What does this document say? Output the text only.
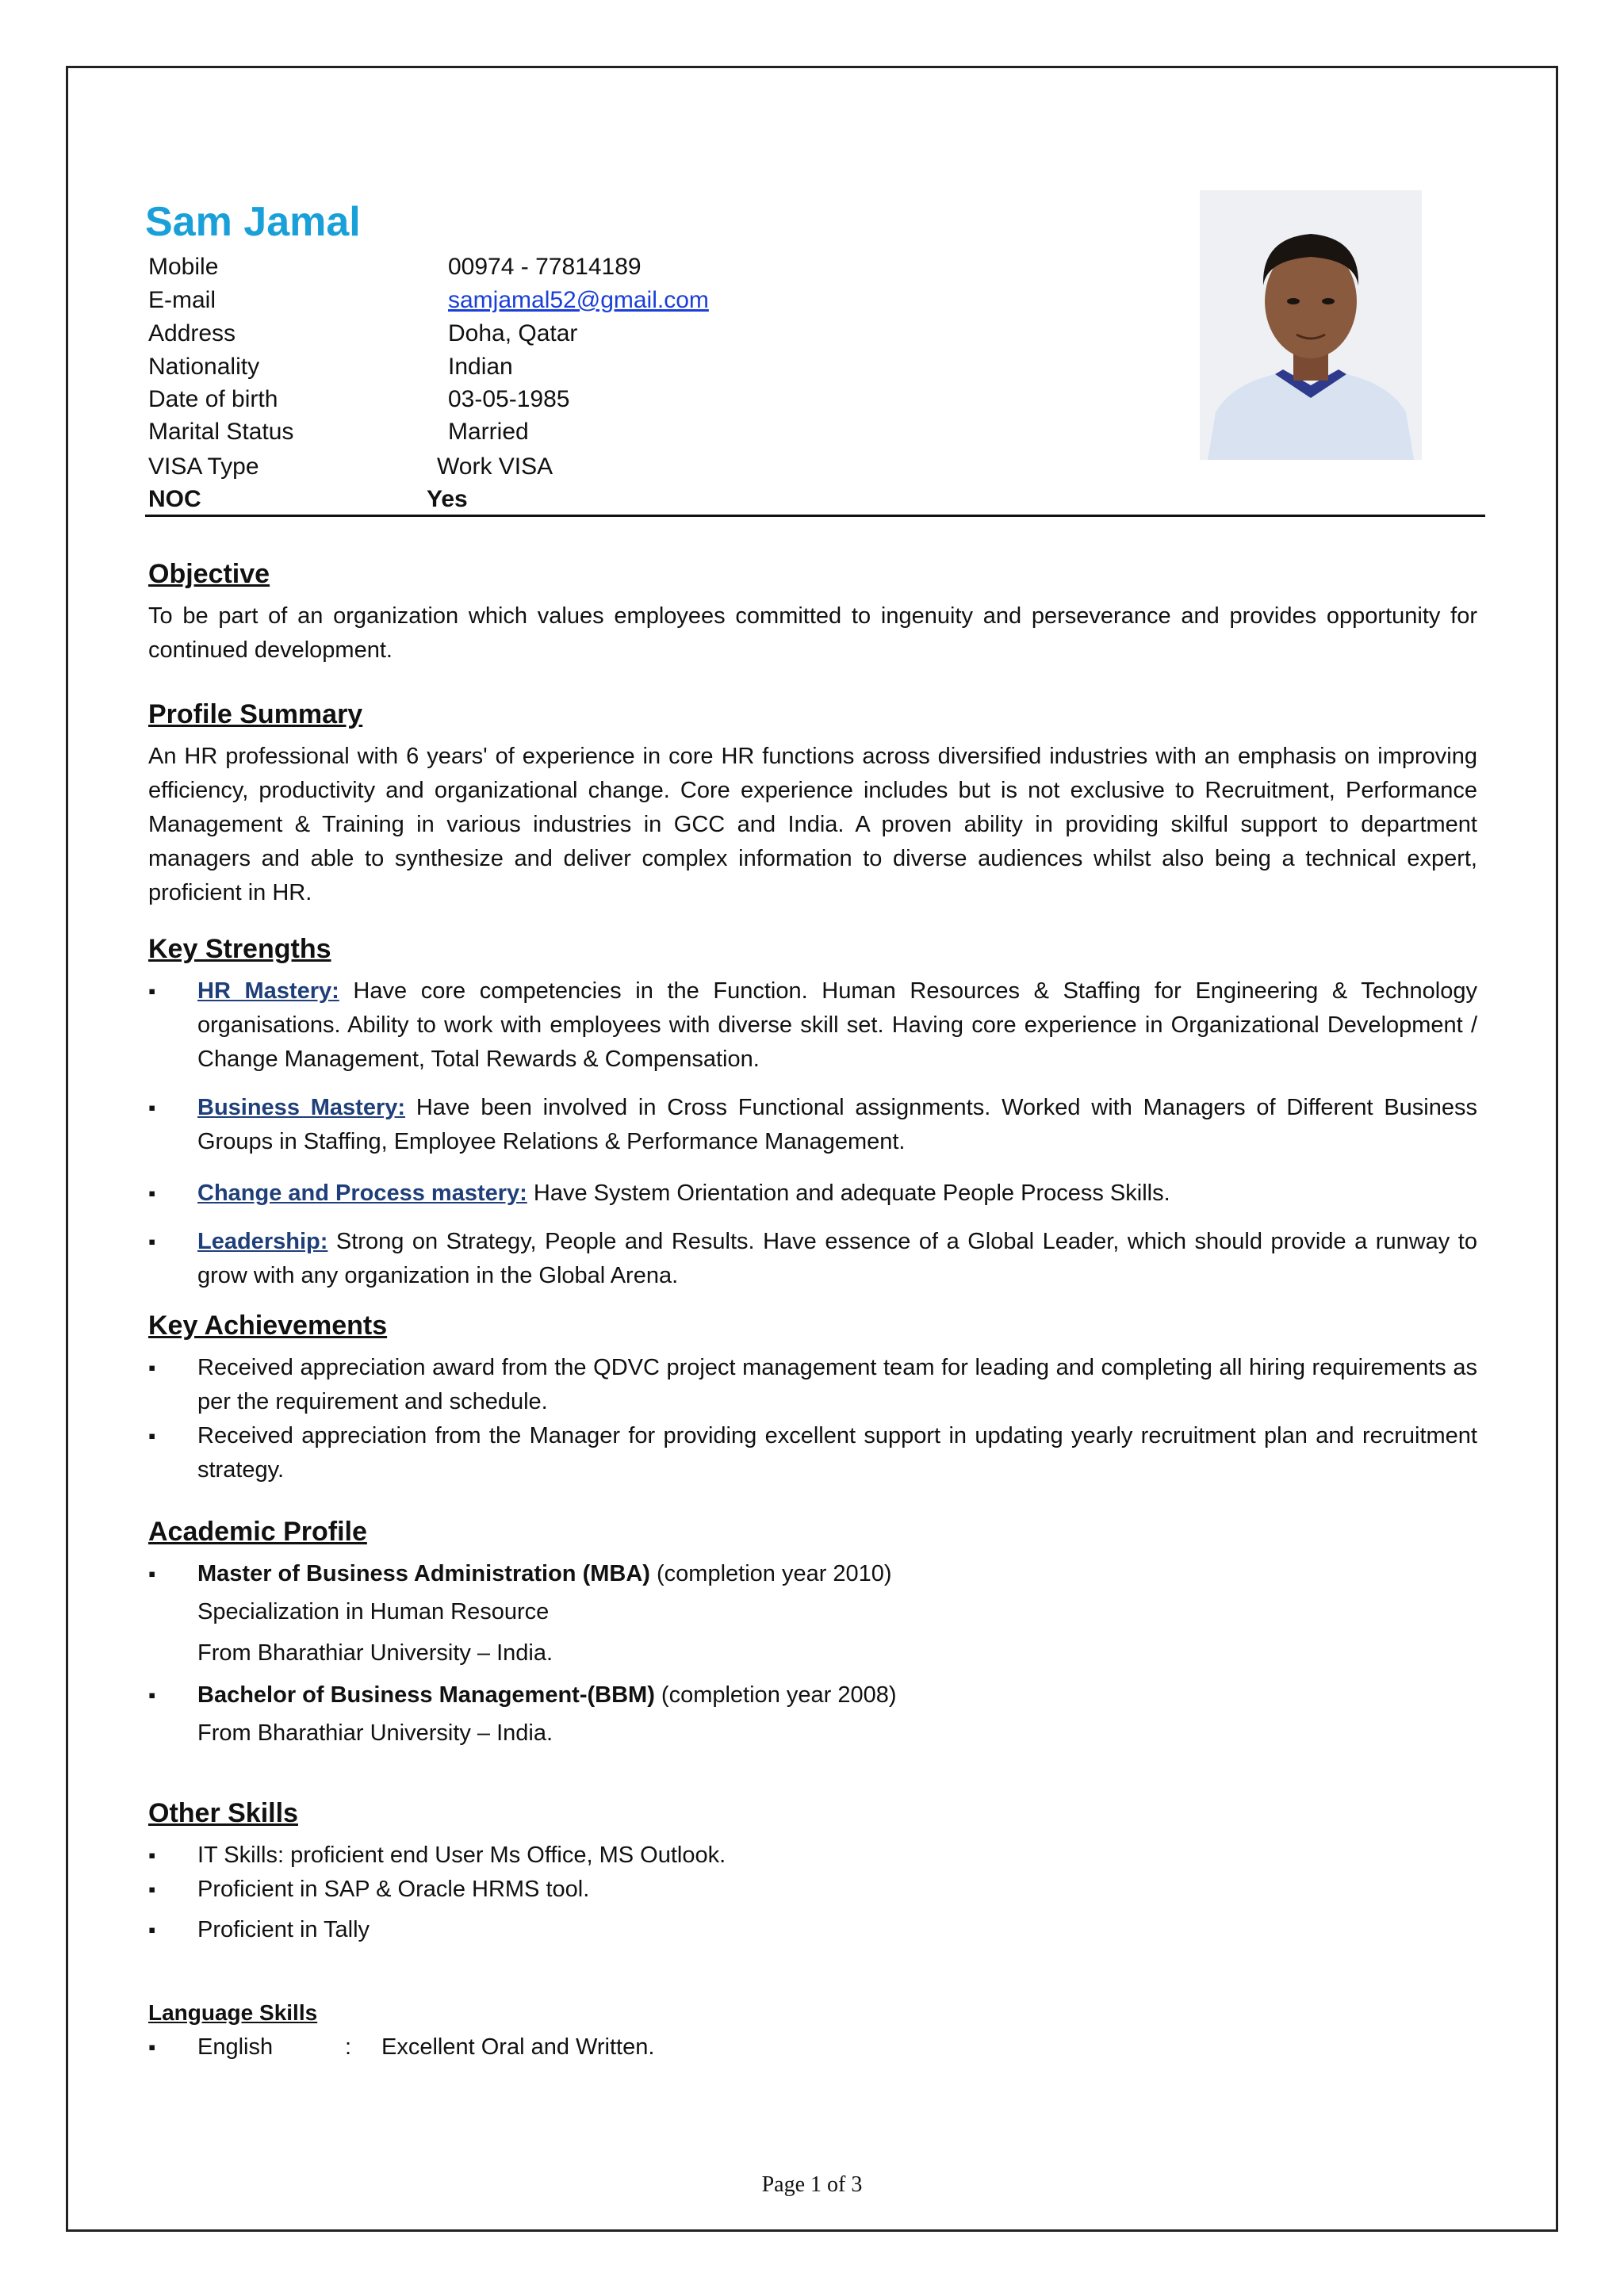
Sam Jamal
Mobile	00974 - 77814189
E-mail	samjamal52@gmail.com
Address	Doha, Qatar
Nationality	Indian
Date of birth	03-05-1985
Marital Status	Married
VISA Type	Work VISA
NOC	Yes
Objective

To be part of an organization which values employees committed to ingenuity and perseverance and provides opportunity for continued development.

Profile Summary

An HR professional with 6 years' of experience in core HR functions across diversified industries with an emphasis on improving efficiency, productivity and organizational change. Core experience includes but is not exclusive to Recruitment, Performance Management & Training in various industries in GCC and India. A proven ability in providing skilful support to department managers and able to synthesize and deliver complex information to diverse audiences whilst also being a technical expert, proficient in HR.

Key Strengths
▪ HR Mastery: Have core competencies in the Function. Human Resources & Staffing for Engineering & Technology organisations. Ability to work with employees with diverse skill set. Having core experience in Organizational Development / Change Management, Total Rewards & Compensation.
▪ Business Mastery: Have been involved in Cross Functional assignments. Worked with Managers of Different Business Groups in Staffing, Employee Relations & Performance Management.
▪ Change and Process mastery: Have System Orientation and adequate People Process Skills.
▪ Leadership: Strong on Strategy, People and Results. Have essence of a Global Leader, which should provide a runway to grow with any organization in the Global Arena.
Key Achievements
▪ Received appreciation award from the QDVC project management team for leading and completing all hiring requirements as per the requirement and schedule.
▪ Received appreciation from the Manager for providing excellent support in updating yearly recruitment plan and recruitment strategy.
Academic Profile
▪ Master of Business Administration (MBA) (completion year 2010)
Specialization in Human Resource
From Bharathiar University – India.
▪ Bachelor of Business Management-(BBM) (completion year 2008)
From Bharathiar University – India.
Other Skills
▪ IT Skills: proficient end User Ms Office, MS Outlook.
▪ Proficient in SAP & Oracle HRMS tool.
▪ Proficient in Tally
Language Skills
▪ English	: Excellent Oral and Written.
Page 1 of 3
